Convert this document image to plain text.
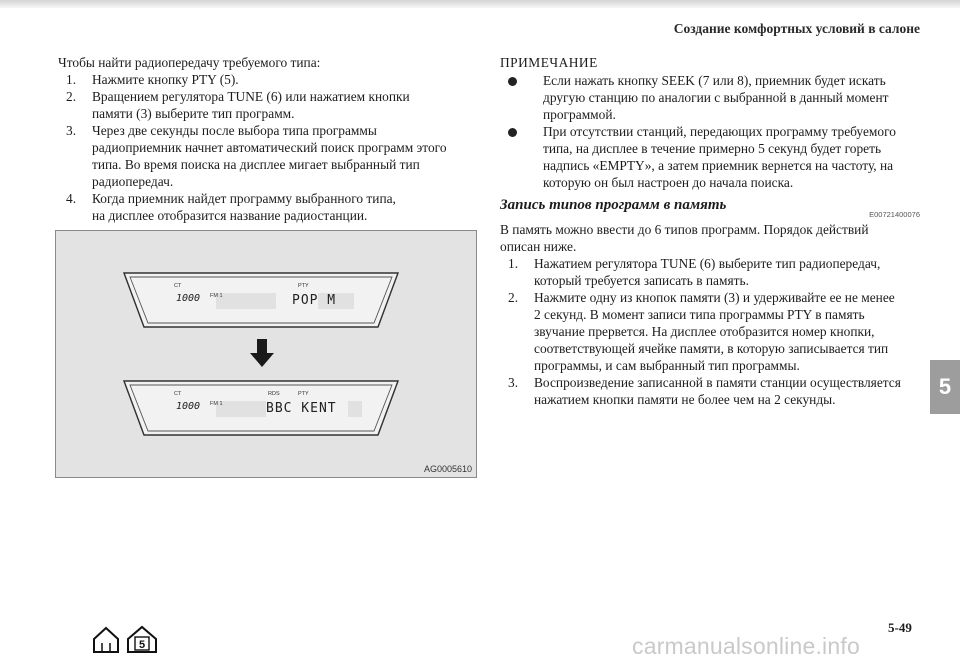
Создание комфортных условий в салоне

Чтобы найти радиопередачу требуемого типа:

1. Нажмите кнопку PTY (5).
2. Вращением регулятора TUNE (6) или нажатием кнопки
памяти (3) выберите тип программ.
3. Через две секунды после выбора типа программы
радиоприемник начнет автоматический поиск программ этого
типа. Во время поиска на дисплее мигает выбранный тип
радиопередач.
4. Когда приемник найдет программу выбранного типа,
на дисплее отобразится название радиостанции.
CT	PTY
1000 FM 1	POP M
CT	RDS	PTY
1000 FM 1	BBC KENT
AG0005610

ПРИМЕЧАНИЕ

Если нажать кнопку SEEK (7 или 8), приемник будет искать
другую станцию по аналогии с выбранной в данный момент
программой.
При отсутствии станций, передающих программу требуемого
типа, на дисплее в течение примерно 5 секунд будет гореть
надпись «EMPTY», а затем приемник вернется на частоту, на
которую он был настроен до начала поиска.
Запись типов программ в память
E00721400076

В память можно ввести до 6 типов программ. Порядок действий
описан ниже.

1. Нажатием регулятора TUNE (6) выберите тип радиопередач,
который требуется записать в память.
2. Нажмите одну из кнопок памяти (3) и удерживайте ее не менее
2 секунд. В момент записи типа программы PTY в память
звучание прервется. На дисплее отобразится номер кнопки,
соответствующей ячейке памяти, в которую записывается тип
программы, и сам выбранный тип программы.
3. Воспроизведение записанной в памяти станции осуществляется
нажатием кнопки памяти не более чем на 2 секунды.
5
5
5-49
carmanualsonline.info
